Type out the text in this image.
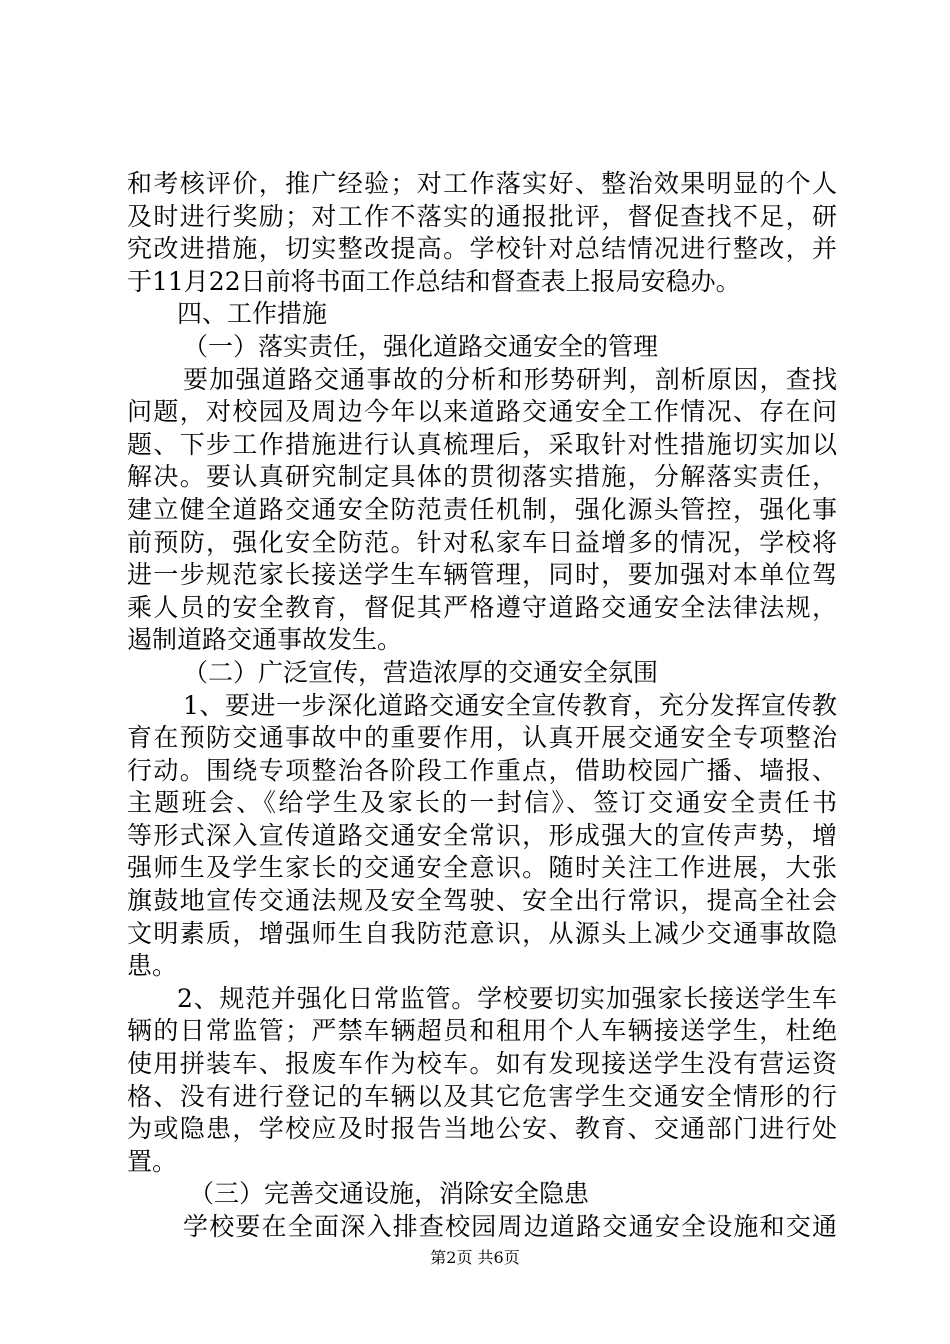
和考核评价，推广经验；对工作落实好、整治效果明显的个人
及时进行奖励；对工作不落实的通报批评，督促查找不足，研
究改进措施，切实整改提高。学校针对总结情况进行整改，并
于11月22日前将书面工作总结和督查表上报局安稳办。
四、工作措施
（一）落实责任，强化道路交通安全的管理
要加强道路交通事故的分析和形势研判，剖析原因，查找
问题，对校园及周边今年以来道路交通安全工作情况、存在问
题、下步工作措施进行认真梳理后，采取针对性措施切实加以
解决。要认真研究制定具体的贯彻落实措施，分解落实责任，
建立健全道路交通安全防范责任机制，强化源头管控，强化事
前预防，强化安全防范。针对私家车日益增多的情况，学校将
进一步规范家长接送学生车辆管理，同时，要加强对本单位驾
乘人员的安全教育，督促其严格遵守道路交通安全法律法规，
遏制道路交通事故发生。
（二）广泛宣传，营造浓厚的交通安全氛围
1、要进一步深化道路交通安全宣传教育，充分发挥宣传教
育在预防交通事故中的重要作用，认真开展交通安全专项整治
行动。围绕专项整治各阶段工作重点，借助校园广播、墙报、
主题班会、《给学生及家长的一封信》、签订交通安全责任书
等形式深入宣传道路交通安全常识，形成强大的宣传声势，增
强师生及学生家长的交通安全意识。随时关注工作进展，大张
旗鼓地宣传交通法规及安全驾驶、安全出行常识，提高全社会
文明素质，增强师生自我防范意识，从源头上减少交通事故隐
患。
2、规范并强化日常监管。学校要切实加强家长接送学生车
辆的日常监管；严禁车辆超员和租用个人车辆接送学生，杜绝
使用拼装车、报废车作为校车。如有发现接送学生没有营运资
格、没有进行登记的车辆以及其它危害学生交通安全情形的行
为或隐患，学校应及时报告当地公安、教育、交通部门进行处
置。
（三）完善交通设施，消除安全隐患
学校要在全面深入排查校园周边道路交通安全设施和交通
第2页 共6页
